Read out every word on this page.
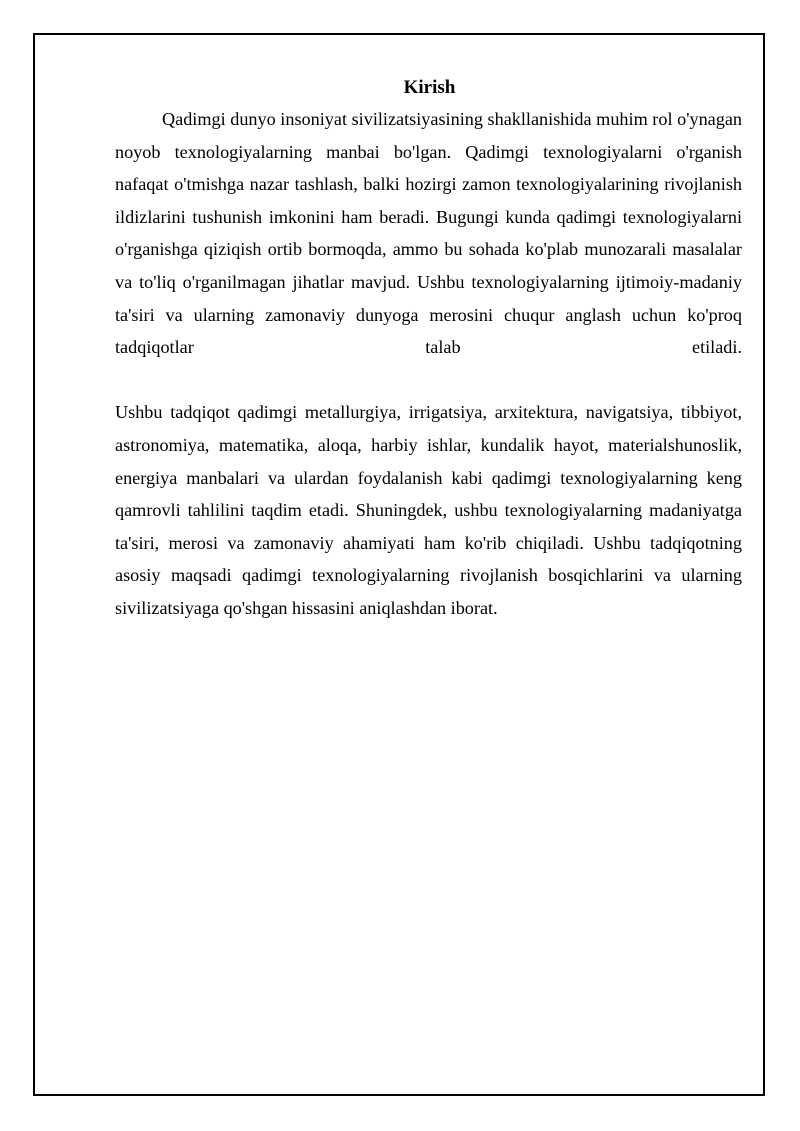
Kirish

Qadimgi dunyo insoniyat sivilizatsiyasining shakllanishida muhim rol o'ynagan noyob texnologiyalarning manbai bo'lgan. Qadimgi texnologiyalarni o'rganish nafaqat o'tmishga nazar tashlash, balki hozirgi zamon texnologiyalarining rivojlanish ildizlarini tushunish imkonini ham beradi. Bugungi kunda qadimgi texnologiyalarni o'rganishga qiziqish ortib bormoqda, ammo bu sohada ko'plab munozarali masalalar va to'liq o'rganilmagan jihatlar mavjud. Ushbu texnologiyalarning ijtimoiy-madaniy ta'siri va ularning zamonaviy dunyoga merosini chuqur anglash uchun ko'proq tadqiqotlar talab etiladi.

Ushbu tadqiqot qadimgi metallurgiya, irrigatsiya, arxitektura, navigatsiya, tibbiyot, astronomiya, matematika, aloqa, harbiy ishlar, kundalik hayot, materialshunoslik, energiya manbalari va ulardan foydalanish kabi qadimgi texnologiyalarning keng qamrovli tahlilini taqdim etadi. Shuningdek, ushbu texnologiyalarning madaniyatga ta'siri, merosi va zamonaviy ahamiyati ham ko'rib chiqiladi. Ushbu tadqiqotning asosiy maqsadi qadimgi texnologiyalarning rivojlanish bosqichlarini va ularning sivilizatsiyaga qo'shgan hissasini aniqlashdan iborat.
